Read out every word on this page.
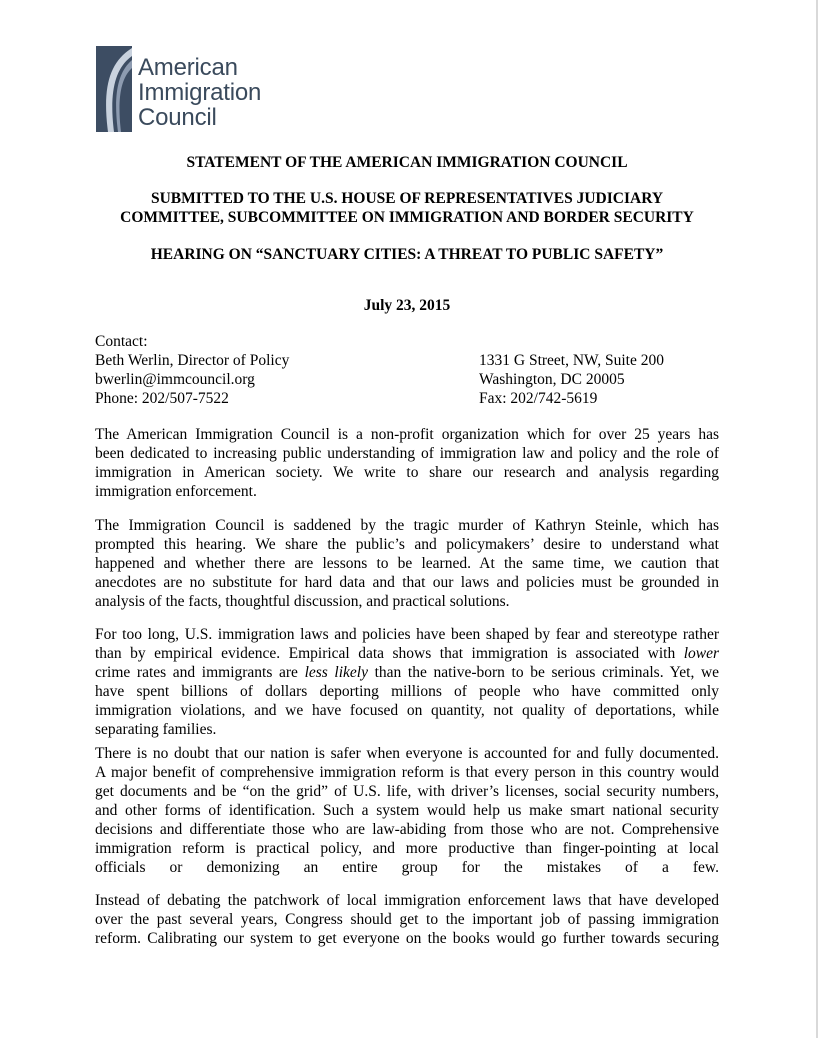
American
Immigration
Council
STATEMENT OF THE AMERICAN IMMIGRATION COUNCIL
SUBMITTED TO THE U.S. HOUSE OF REPRESENTATIVES JUDICIARY
COMMITTEE, SUBCOMMITTEE ON IMMIGRATION AND BORDER SECURITY
HEARING ON “SANCTUARY CITIES: A THREAT TO PUBLIC SAFETY”
July 23, 2015
Contact:
Beth Werlin, Director of Policy	1331 G Street, NW, Suite 200
bwerlin@immcouncil.org	Washington, DC 20005
Phone: 202/507-7522	Fax: 202/742-5619
The American Immigration Council is a non-profit organization which for over 25 years has
been dedicated to increasing public understanding of immigration law and policy and the role of
immigration in American society. We write to share our research and analysis regarding
immigration enforcement.
The Immigration Council is saddened by the tragic murder of Kathryn Steinle, which has
prompted this hearing. We share the public’s and policymakers’ desire to understand what
happened and whether there are lessons to be learned. At the same time, we caution that
anecdotes are no substitute for hard data and that our laws and policies must be grounded in
analysis of the facts, thoughtful discussion, and practical solutions.
For too long, U.S. immigration laws and policies have been shaped by fear and stereotype rather
than by empirical evidence. Empirical data shows that immigration is associated with lower
crime rates and immigrants are less likely than the native-born to be serious criminals. Yet, we
have spent billions of dollars deporting millions of people who have committed only
immigration violations, and we have focused on quantity, not quality of deportations, while
separating families.
There is no doubt that our nation is safer when everyone is accounted for and fully documented.
A major benefit of comprehensive immigration reform is that every person in this country would
get documents and be “on the grid” of U.S. life, with driver’s licenses, social security numbers,
and other forms of identification. Such a system would help us make smart national security
decisions and differentiate those who are law-abiding from those who are not. Comprehensive
immigration reform is practical policy, and more productive than finger-pointing at local
officials or demonizing an entire group for the mistakes of a few.
Instead of debating the patchwork of local immigration enforcement laws that have developed
over the past several years, Congress should get to the important job of passing immigration
reform. Calibrating our system to get everyone on the books would go further towards securing
